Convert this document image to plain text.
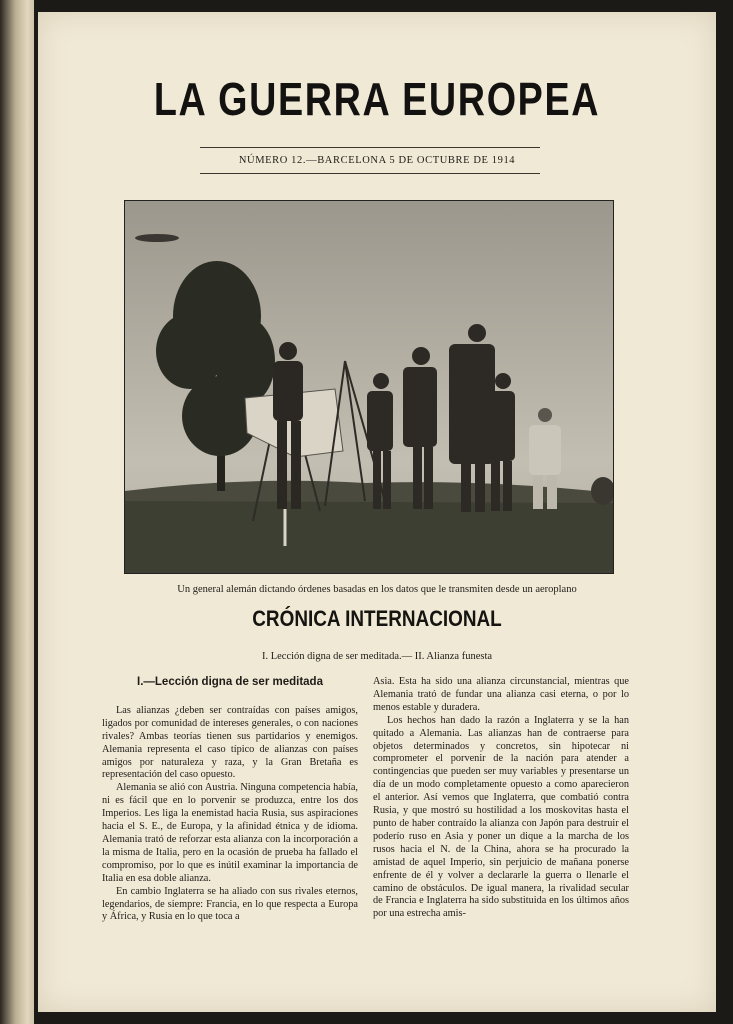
LA GUERRA EUROPEA
NÚMERO 12.—BARCELONA 5 DE OCTUBRE DE 1914
Un general alemán dictando órdenes basadas en los datos que le transmiten desde un aeroplano
CRÓNICA INTERNACIONAL
I. Lección digna de ser meditada.— II. Alianza funesta
I.—Lección digna de ser meditada

Las alianzas ¿deben ser contraídas con países amigos, ligados por comunidad de intereses generales, o con naciones rivales? Ambas teorías tienen sus partidarios y enemigos. Alemania representa el caso típico de alianzas con países amigos por naturaleza y raza, y la Gran Bretaña es representación del caso opuesto.

Alemania se alió con Austria. Ninguna competencia había, ni es fácil que en lo porvenir se produzca, entre los dos Imperios. Les liga la enemistad hacia Rusia, sus aspiraciones hacia el S. E., de Europa, y la afinidad étnica y de idioma. Alemania trató de reforzar esta alianza con la incorporación a la misma de Italia, pero en la ocasión de prueba ha fallado el compromiso, por lo que es inútil examinar la importancia de Italia en esa doble alianza.

En cambio Inglaterra se ha aliado con sus rivales eternos, legendarios, de siempre: Francia, en lo que respecta a Europa y África, y Rusia en lo que toca a

Asia. Esta ha sido una alianza circunstancial, mientras que Alemania trató de fundar una alianza casi eterna, o por lo menos estable y duradera.

Los hechos han dado la razón a Inglaterra y se la han quitado a Alemania. Las alianzas han de contraerse para objetos determinados y concretos, sin hipotecar ni comprometer el porvenir de la nación para atender a contingencias que pueden ser muy variables y presentarse un día de un modo completamente opuesto a como aparecieron el anterior. Así vemos que Inglaterra, que combatió contra Rusia, y que mostró su hostilidad a los moskovitas hasta el punto de haber contraído la alianza con Japón para destruir el poderío ruso en Asia y poner un dique a la marcha de los rusos hacia el N. de la China, ahora se ha procurado la amistad de aquel Imperio, sin perjuicio de mañana ponerse enfrente de él y volver a declararle la guerra o llenarle el camino de obstáculos. De igual manera, la rivalidad secular de Francia e Inglaterra ha sido substituida en los últimos años por una estrecha amis-
